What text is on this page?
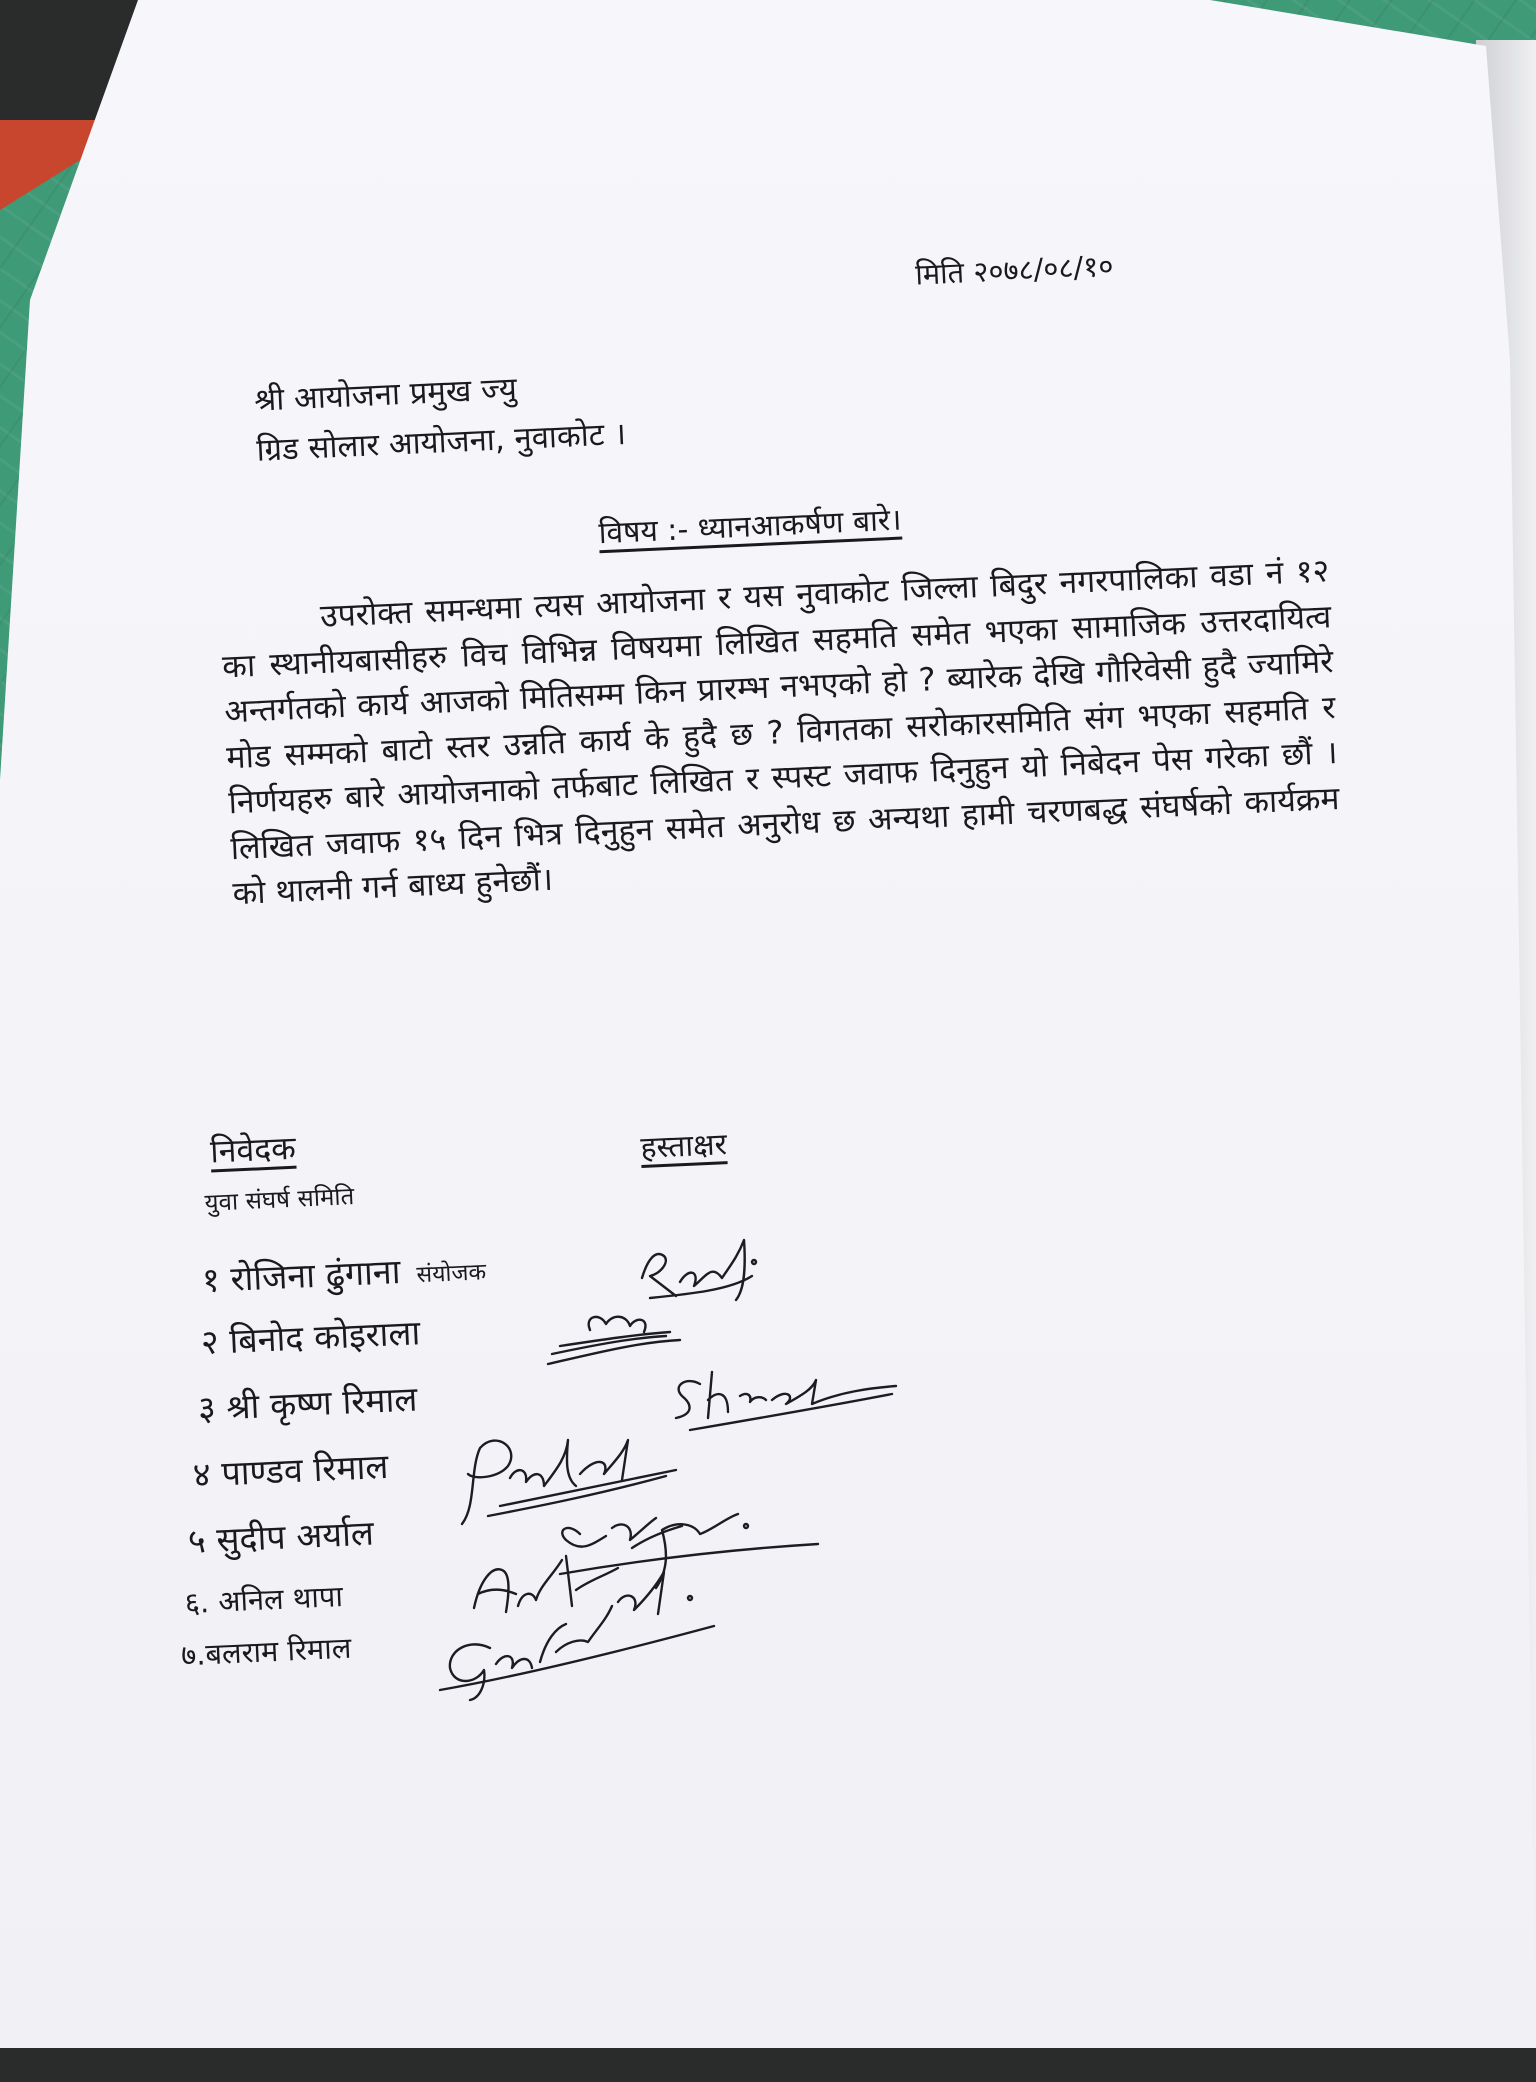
मिति २०७८/०८/१०
श्री आयोजना प्रमुख ज्यु
ग्रिड सोलार आयोजना, नुवाकोट ।
विषय :- ध्यानआकर्षण बारे।
उपरोक्त समन्धमा त्यस आयोजना र यस नुवाकोट जिल्ला बिदुर नगरपालिका वडा नं १२ का स्थानीयबासीहरु विच विभिन्न विषयमा लिखित सहमति समेत भएका सामाजिक उत्तरदायित्व अन्तर्गतको कार्य आजको मितिसम्म किन प्रारम्भ नभएको हो ? ब्यारेक देखि गौरिवेसी हुदै ज्यामिरे मोड सम्मको बाटो स्तर उन्नति कार्य के हुदै छ ? विगतका सरोकारसमिति संग भएका सहमति र निर्णयहरु बारे आयोजनाको तर्फबाट लिखित र स्पस्ट जवाफ दिनुहुन यो निबेदन पेस गरेका छौं । लिखित जवाफ १५ दिन भित्र दिनुहुन समेत अनुरोध छ अन्यथा हामी चरणबद्ध संघर्षको कार्यक्रम को थालनी गर्न बाध्य हुनेछौं।
निवेदक	हस्ताक्षर
युवा संघर्ष समिति
१ रोजिना ढुंगाना संयोजक
२ बिनोद कोइराला
३ श्री कृष्ण रिमाल
४ पाण्डव रिमाल
५ सुदीप अर्याल
६. अनिल थापा
७.बलराम रिमाल
